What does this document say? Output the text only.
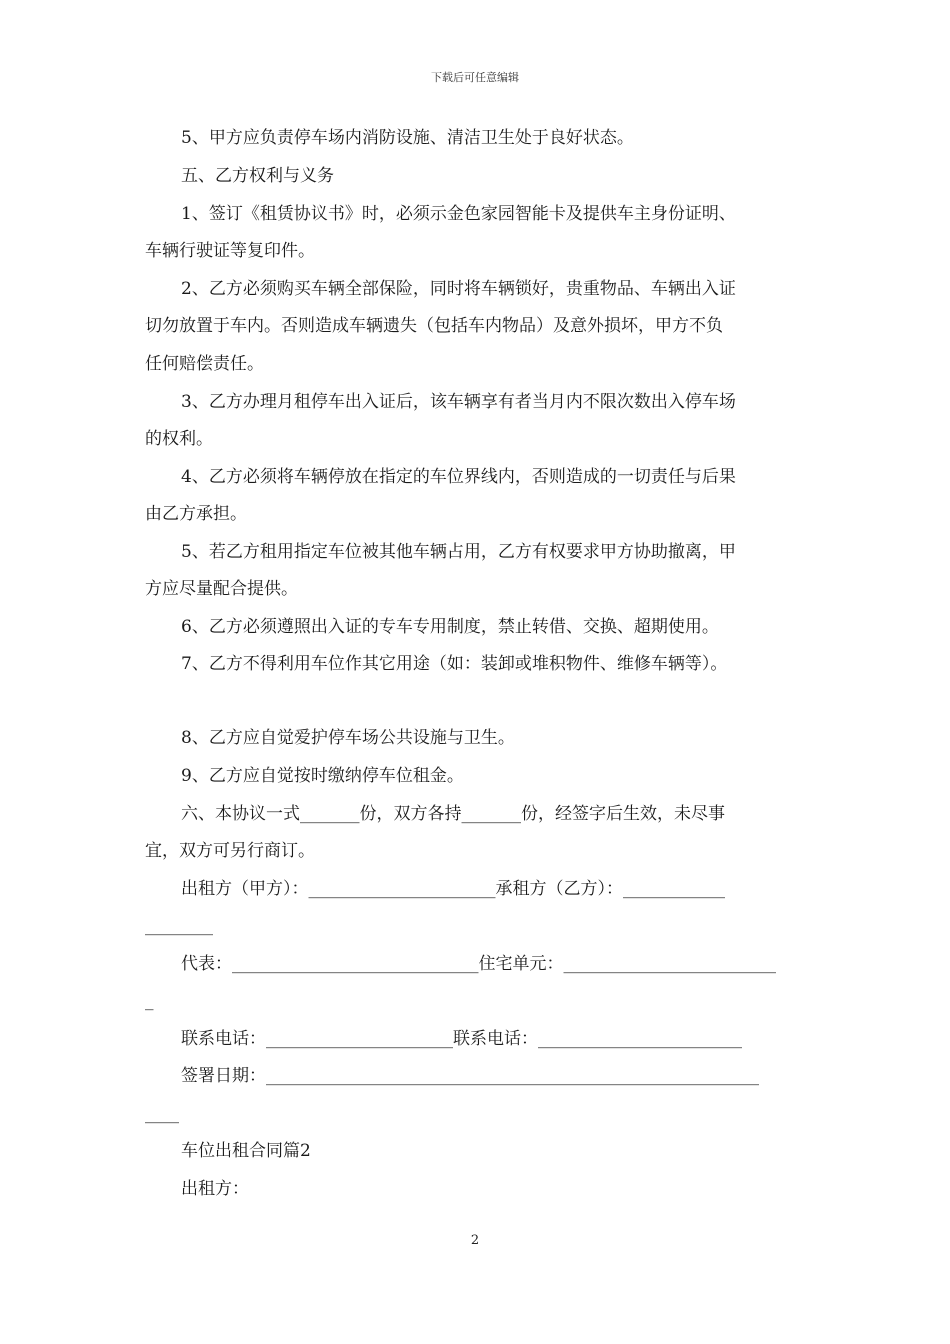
下载后可任意编辑
5、甲方应负责停车场内消防设施、清洁卫生处于良好状态。
五、乙方权利与义务
1、签订《租赁协议书》时，必须示金色家园智能卡及提供车主身份证明、
车辆行驶证等复印件。
2、乙方必须购买车辆全部保险，同时将车辆锁好，贵重物品、车辆出入证
切勿放置于车内。否则造成车辆遗失（包括车内物品）及意外损坏，甲方不负
任何赔偿责任。
3、乙方办理月租停车出入证后，该车辆享有者当月内不限次数出入停车场
的权利。
4、乙方必须将车辆停放在指定的车位界线内，否则造成的一切责任与后果
由乙方承担。
5、若乙方租用指定车位被其他车辆占用，乙方有权要求甲方协助撤离，甲
方应尽量配合提供。
6、乙方必须遵照出入证的专车专用制度，禁止转借、交换、超期使用。
7、乙方不得利用车位作其它用途（如：装卸或堆积物件、维修车辆等）。
8、乙方应自觉爱护停车场公共设施与卫生。
9、乙方应自觉按时缴纳停车位租金。
六、本协议一式_______份，双方各持_______份，经签字后生效，未尽事
宜，双方可另行商订。
出租方（甲方）：______________________承租方（乙方）：____________
________
代表：_____________________________住宅单元：_________________________
_
联系电话：______________________联系电话：________________________
签署日期：__________________________________________________________
____
车位出租合同篇2
出租方：
2
